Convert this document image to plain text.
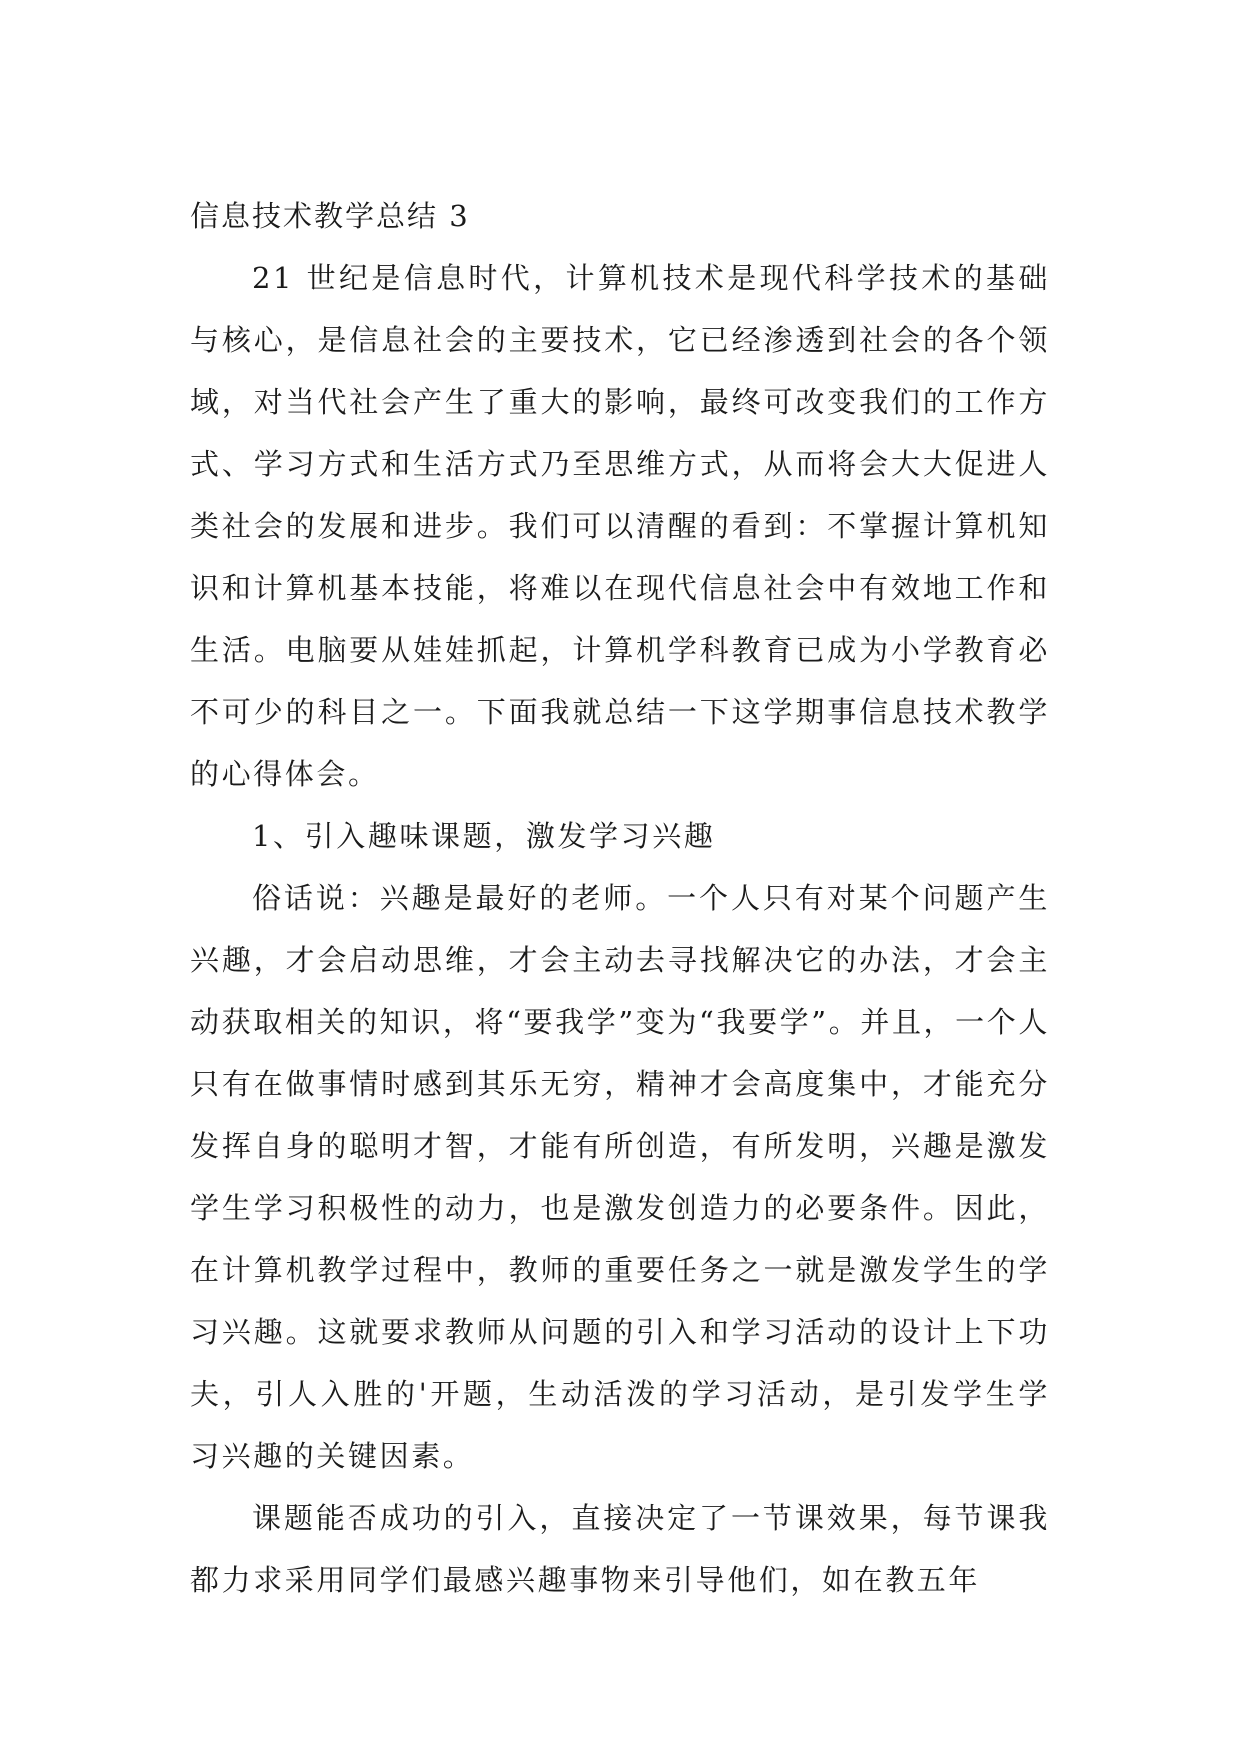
信息技术教学总结 3

21 世纪是信息时代，计算机技术是现代科学技术的基础与核心，是信息社会的主要技术，它已经渗透到社会的各个领域，对当代社会产生了重大的影响，最终可改变我们的工作方式、学习方式和生活方式乃至思维方式，从而将会大大促进人类社会的发展和进步。我们可以清醒的看到：不掌握计算机知识和计算机基本技能，将难以在现代信息社会中有效地工作和生活。电脑要从娃娃抓起，计算机学科教育已成为小学教育必不可少的科目之一。下面我就总结一下这学期事信息技术教学的心得体会。

1、引入趣味课题，激发学习兴趣

俗话说：兴趣是最好的老师。一个人只有对某个问题产生兴趣，才会启动思维，才会主动去寻找解决它的办法，才会主动获取相关的知识，将“要我学”变为“我要学”。并且，一个人只有在做事情时感到其乐无穷，精神才会高度集中，才能充分发挥自身的聪明才智，才能有所创造，有所发明，兴趣是激发学生学习积极性的动力，也是激发创造力的必要条件。因此，在计算机教学过程中，教师的重要任务之一就是激发学生的学习兴趣。这就要求教师从问题的引入和学习活动的设计上下功夫，引人入胜的'开题，生动活泼的学习活动，是引发学生学习兴趣的关键因素。

课题能否成功的引入，直接决定了一节课效果，每节课我都力求采用同学们最感兴趣事物来引导他们，如在教五年
